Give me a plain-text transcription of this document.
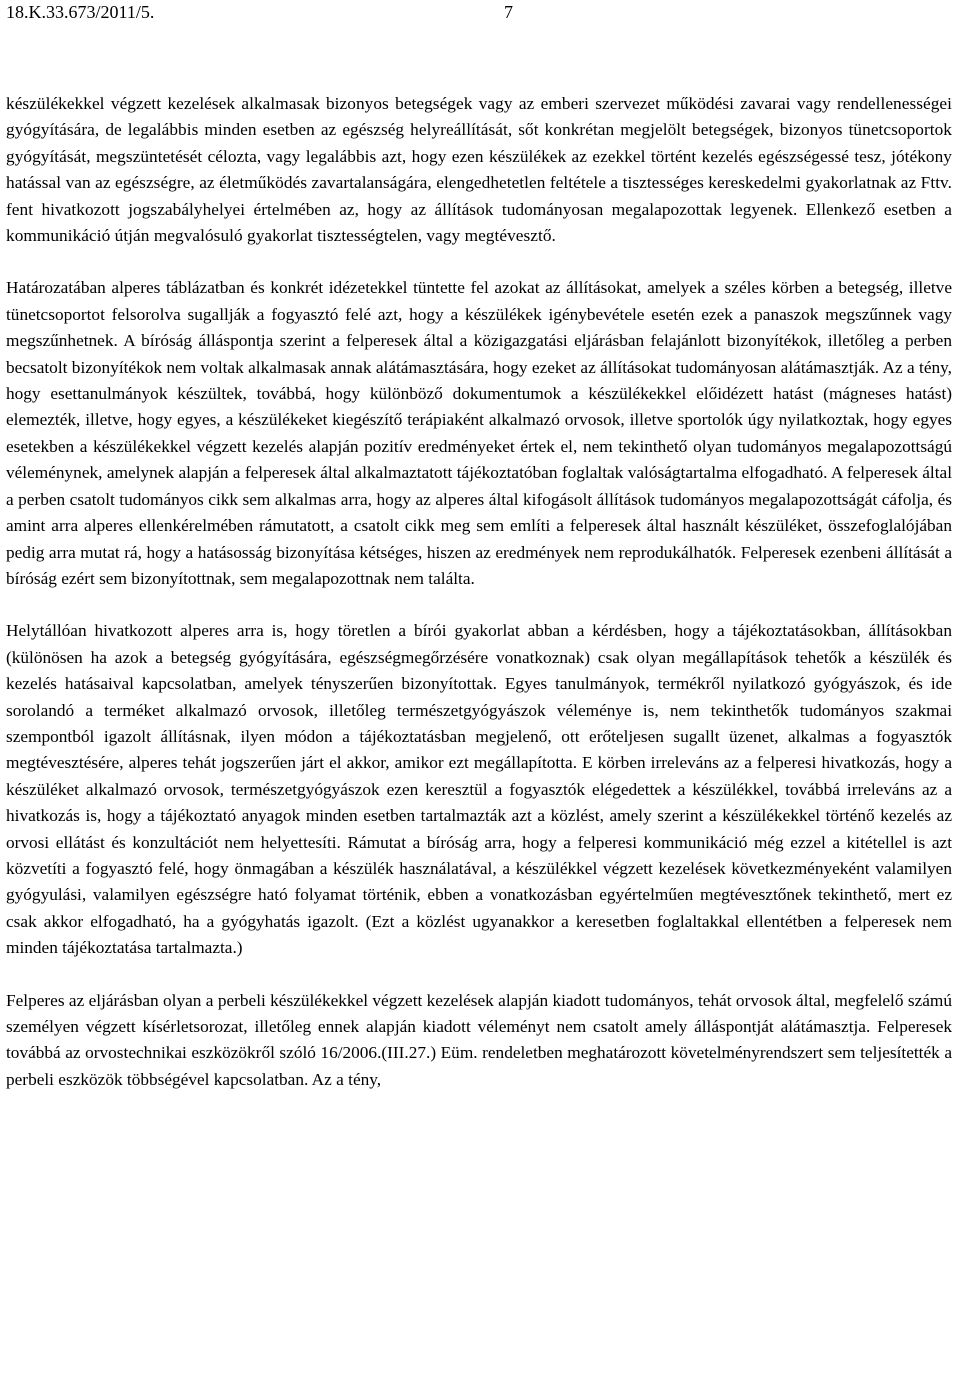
18.K.33.673/2011/5.	7

készülékekkel végzett kezelések alkalmasak bizonyos betegségek vagy az emberi szervezet működési zavarai vagy rendellenességei gyógyítására, de legalábbis minden esetben az egészség helyreállítását, sőt konkrétan megjelölt betegségek, bizonyos tünetcsoportok gyógyítását, megszüntetését célozta, vagy legalábbis azt, hogy ezen készülékek az ezekkel történt kezelés egészségessé tesz, jótékony hatással van az egészségre, az életműködés zavartalanságára, elengedhetetlen feltétele a tisztességes kereskedelmi gyakorlatnak az Fttv. fent hivatkozott jogszabályhelyei értelmében az, hogy az állítások tudományosan megalapozottak legyenek. Ellenkező esetben a kommunikáció útján megvalósuló gyakorlat tisztességtelen, vagy megtévesztő.

Határozatában alperes táblázatban és konkrét idézetekkel tüntette fel azokat az állításokat, amelyek a széles körben a betegség, illetve tünetcsoportot felsorolva sugallják a fogyasztó felé azt, hogy a készülékek igénybevétele esetén ezek a panaszok megszűnnek vagy megszűnhetnek. A bíróság álláspontja szerint a felperesek által a közigazgatási eljárásban felajánlott bizonyítékok, illetőleg a perben becsatolt bizonyítékok nem voltak alkalmasak annak alátámasztására, hogy ezeket az állításokat tudományosan alátámasztják. Az a tény, hogy esettanulmányok készültek, továbbá, hogy különböző dokumentumok a készülékekkel előidézett hatást (mágneses hatást) elemezték, illetve, hogy egyes, a készülékeket kiegészítő terápiaként alkalmazó orvosok, illetve sportolók úgy nyilatkoztak, hogy egyes esetekben a készülékekkel végzett kezelés alapján pozitív eredményeket értek el, nem tekinthető olyan tudományos megalapozottságú véleménynek, amelynek alapján a felperesek által alkalmaztatott tájékoztatóban foglaltak valóságtartalma elfogadható. A felperesek által a perben csatolt tudományos cikk sem alkalmas arra, hogy az alperes által kifogásolt állítások tudományos megalapozottságát cáfolja, és amint arra alperes ellenkérelmében rámutatott, a csatolt cikk meg sem említi a felperesek által használt készüléket, összefoglalójában pedig arra mutat rá, hogy a hatásosság bizonyítása kétséges, hiszen az eredmények nem reprodukálhatók. Felperesek ezenbeni állítását a bíróság ezért sem bizonyítottnak, sem megalapozottnak nem találta.

Helytállóan hivatkozott alperes arra is, hogy töretlen a bírói gyakorlat abban a kérdésben, hogy a tájékoztatásokban, állításokban (különösen ha azok a betegség gyógyítására, egészségmegőrzésére vonatkoznak) csak olyan megállapítások tehetők a készülék és kezelés hatásaival kapcsolatban, amelyek tényszerűen bizonyítottak. Egyes tanulmányok, termékről nyilatkozó gyógyászok, és ide sorolandó a terméket alkalmazó orvosok, illetőleg természetgyógyászok véleménye is, nem tekinthetők tudományos szakmai szempontból igazolt állításnak, ilyen módon a tájékoztatásban megjelenő, ott erőteljesen sugallt üzenet, alkalmas a fogyasztók megtévesztésére, alperes tehát jogszerűen járt el akkor, amikor ezt megállapította. E körben irreleváns az a felperesi hivatkozás, hogy a készüléket alkalmazó orvosok, természetgyógyászok ezen keresztül a fogyasztók elégedettek a készülékkel, továbbá irreleváns az a hivatkozás is, hogy a tájékoztató anyagok minden esetben tartalmazták azt a közlést, amely szerint a készülékekkel történő kezelés az orvosi ellátást és konzultációt nem helyettesíti. Rámutat a bíróság arra, hogy a felperesi kommunikáció még ezzel a kitétellel is azt közvetíti a fogyasztó felé, hogy önmagában a készülék használatával, a készülékkel végzett kezelések következményeként valamilyen gyógyulási, valamilyen egészségre ható folyamat történik, ebben a vonatkozásban egyértelműen megtévesztőnek tekinthető, mert ez csak akkor elfogadható, ha a gyógyhatás igazolt. (Ezt a közlést ugyanakkor a keresetben foglaltakkal ellentétben a felperesek nem minden tájékoztatása tartalmazta.)

Felperes az eljárásban olyan a perbeli készülékekkel végzett kezelések alapján kiadott tudományos, tehát orvosok által, megfelelő számú személyen végzett kísérletsorozat, illetőleg ennek alapján kiadott véleményt nem csatolt amely álláspontját alátámasztja. Felperesek továbbá az orvostechnikai eszközökről szóló 16/2006.(III.27.) Eüm. rendeletben meghatározott követelményrendszert sem teljesítették a perbeli eszközök többségével kapcsolatban. Az a tény,
